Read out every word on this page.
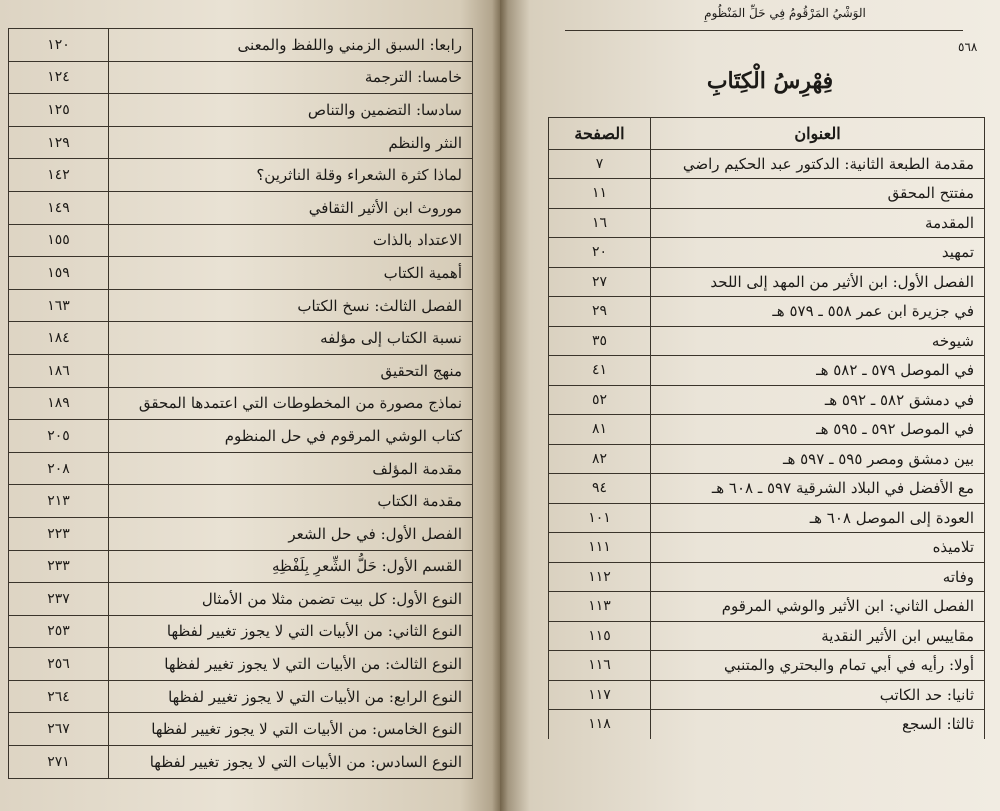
رابعا: السبق الزمني واللفظ والمعنى	١٢٠
خامسا: الترجمة	١٢٤
سادسا: التضمين والتناص	١٢٥
النثر والنظم	١٢٩
لماذا كثرة الشعراء وقلة الناثرين؟	١٤٢
موروث ابن الأثير الثقافي	١٤٩
الاعتداد بالذات	١٥٥
أهمية الكتاب	١٥٩
الفصل الثالث: نسخ الكتاب	١٦٣
نسبة الكتاب إلى مؤلفه	١٨٤
منهج التحقيق	١٨٦
نماذج مصورة من المخطوطات التي اعتمدها المحقق	١٨٩
كتاب الوشي المرقوم في حل المنظوم	٢٠٥
مقدمة المؤلف	٢٠٨
مقدمة الكتاب	٢١٣
الفصل الأول: في حل الشعر	٢٢٣
القسم الأول: حَلُّ الشِّعرِ بِلَفْظِهِ	٢٣٣
النوع الأول: كل بيت تضمن مثلا من الأمثال	٢٣٧
النوع الثاني: من الأبيات التي لا يجوز تغيير لفظها	٢٥٣
النوع الثالث: من الأبيات التي لا يجوز تغيير لفظها	٢٥٦
النوع الرابع: من الأبيات التي لا يجوز تغيير لفظها	٢٦٤
النوع الخامس: من الأبيات التي لا يجوز تغيير لفظها	٢٦٧
النوع السادس: من الأبيات التي لا يجوز تغيير لفظها	٢٧١
الوَشْيُ المَرْقُومُ فِي حَلِّ المَنْظُومِ
٥٦٨
فِهْرِسُ الْكِتَابِ
العنوان	الصفحة
مقدمة الطبعة الثانية: الدكتور عبد الحكيم راضي	٧
مفتتح المحقق	١١
المقدمة	١٦
تمهيد	٢٠
الفصل الأول: ابن الأثير من المهد إلى اللحد	٢٧
في جزيرة ابن عمر ٥٥٨ ـ ٥٧٩ هـ	٢٩
شيوخه	٣٥
في الموصل ٥٧٩ ـ ٥٨٢ هـ	٤١
في دمشق ٥٨٢ ـ ٥٩٢ هـ	٥٢
في الموصل ٥٩٢ ـ ٥٩٥ هـ	٨١
بين دمشق ومصر ٥٩٥ ـ ٥٩٧ هـ	٨٢
مع الأفضل في البلاد الشرقية ٥٩٧ ـ ٦٠٨ هـ	٩٤
العودة إلى الموصل ٦٠٨ هـ	١٠١
تلاميذه	١١١
وفاته	١١٢
الفصل الثاني: ابن الأثير والوشي المرقوم	١١٣
مقاييس ابن الأثير النقدية	١١٥
أولا: رأيه في أبي تمام والبحتري والمتنبي	١١٦
ثانيا: حد الكاتب	١١٧
ثالثا: السجع	١١٨
